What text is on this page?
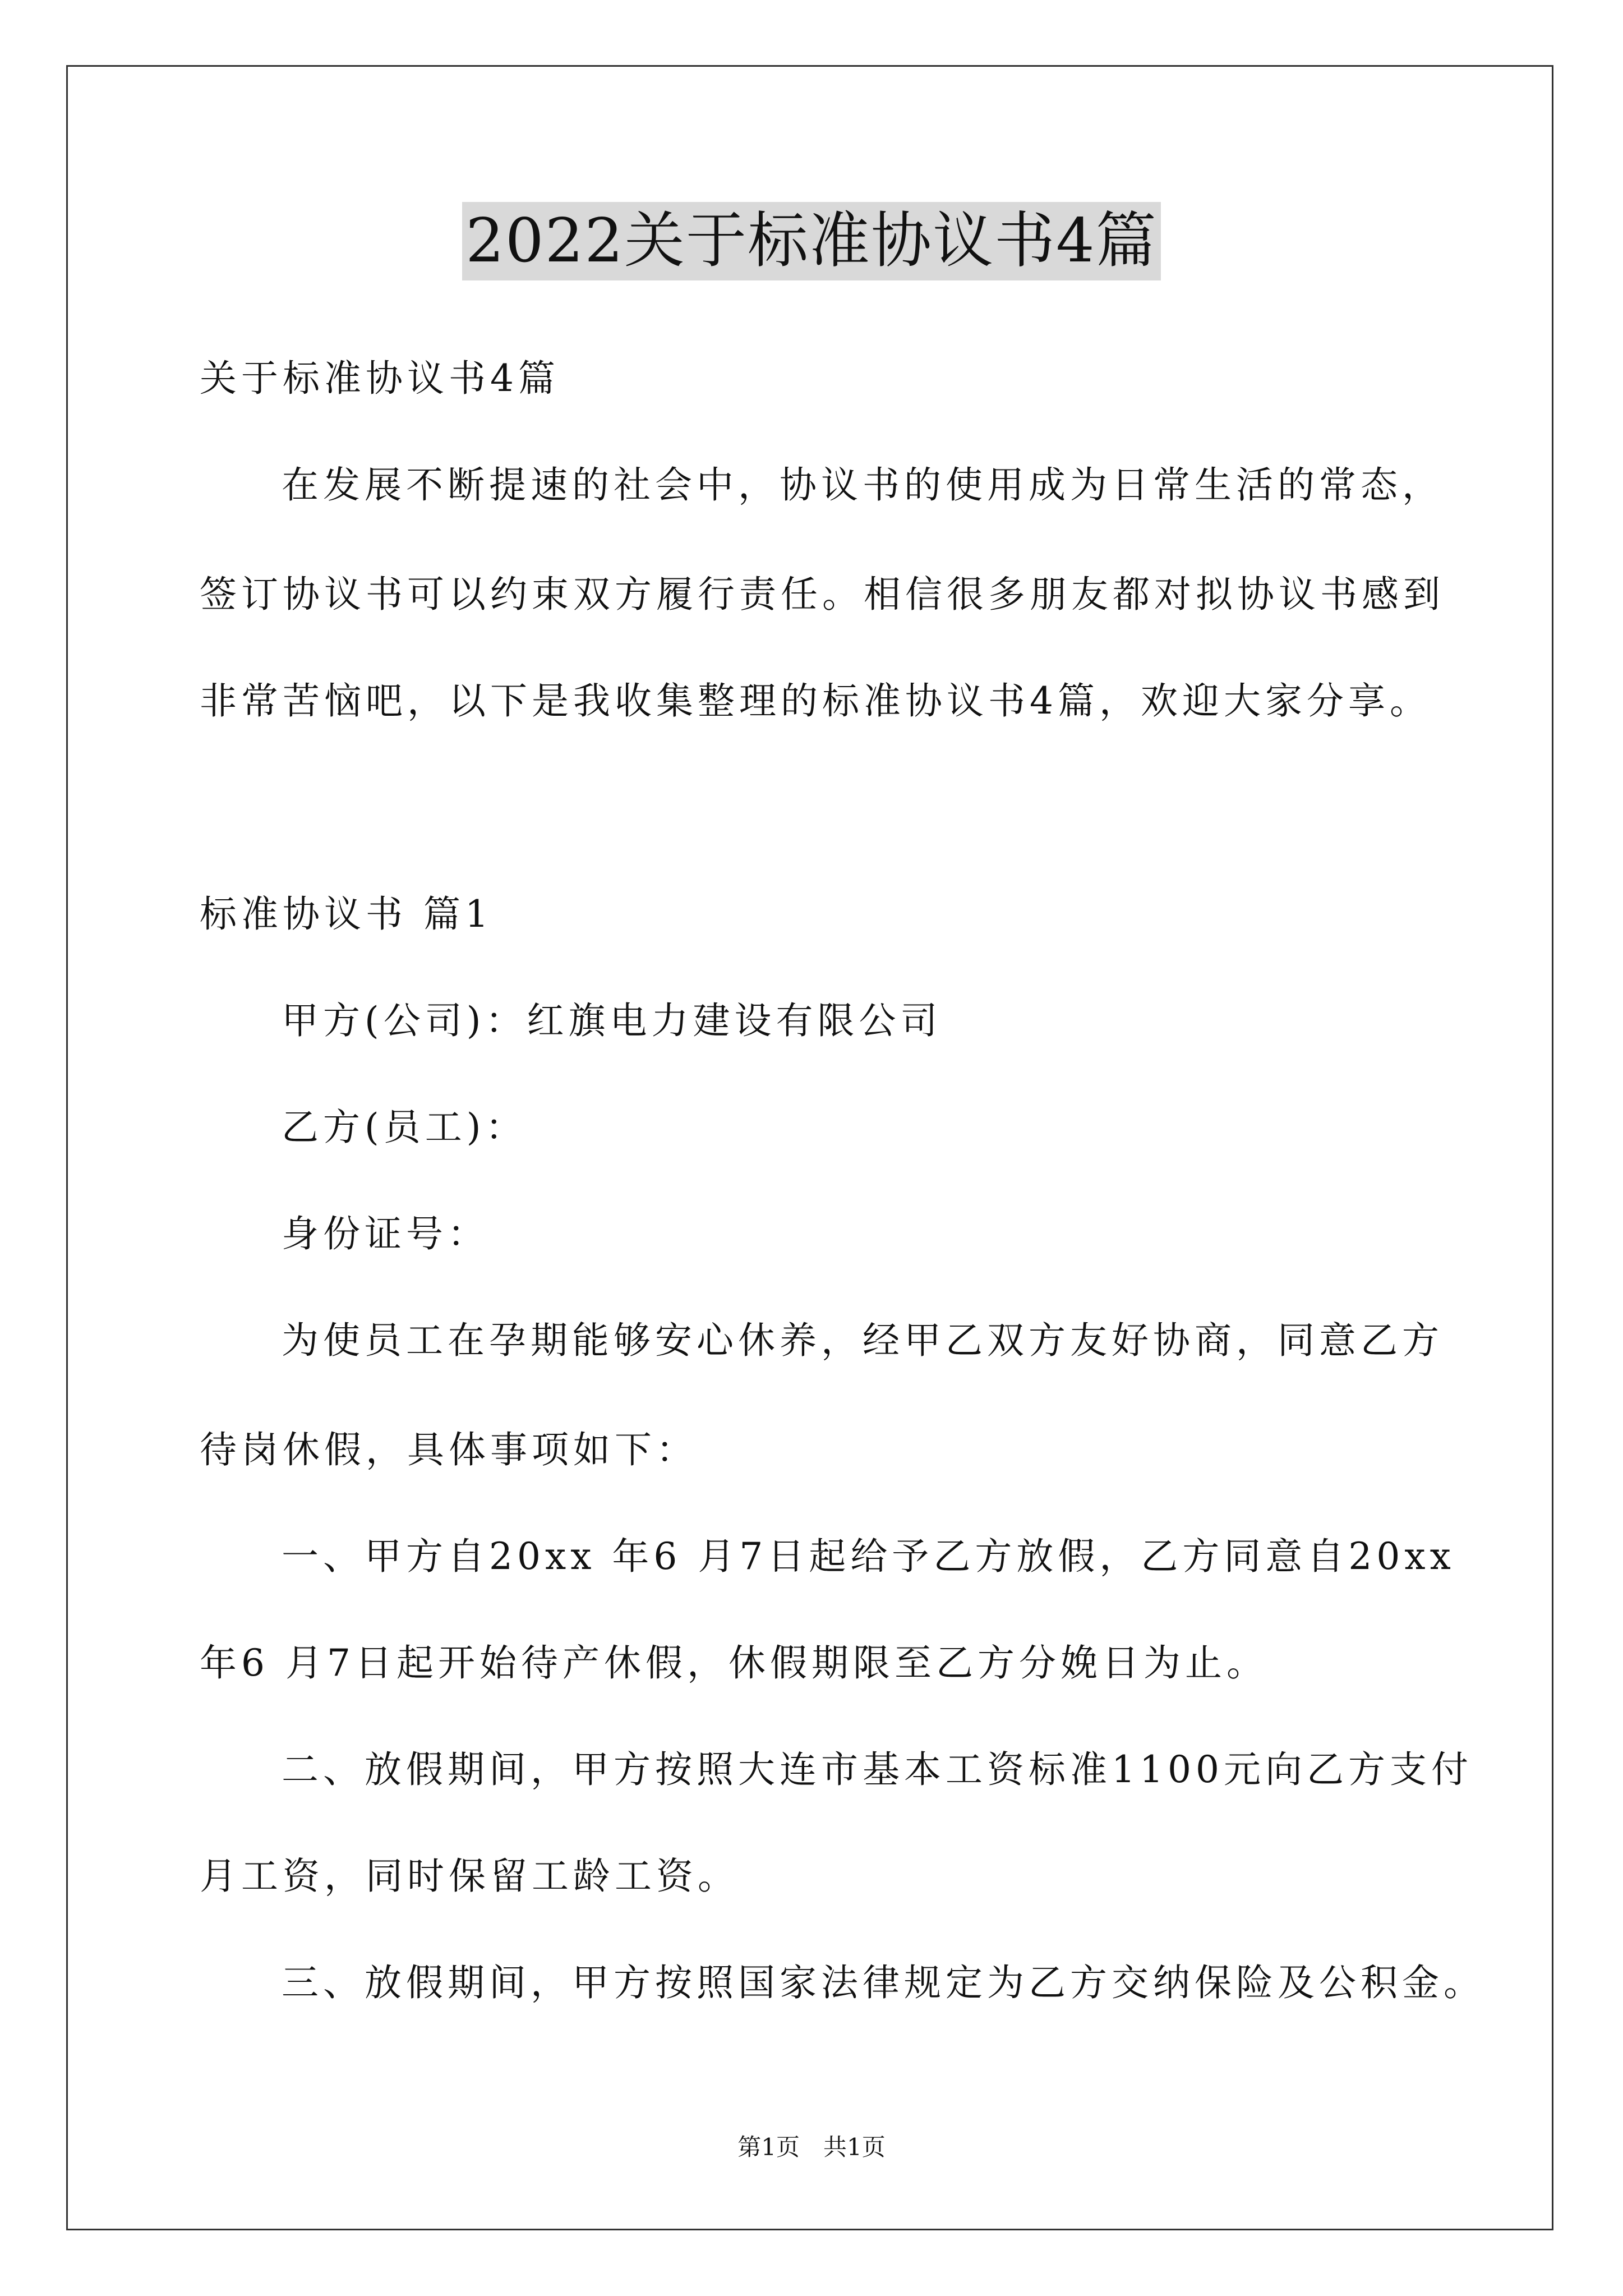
2022关于标准协议书4篇
关于标准协议书4篇
在发展不断提速的社会中，协议书的使用成为日常生活的常态，
签订协议书可以约束双方履行责任。相信很多朋友都对拟协议书感到
非常苦恼吧，以下是我收集整理的标准协议书4篇，欢迎大家分享。
标准协议书 篇1
甲方(公司)：红旗电力建设有限公司
乙方(员工)：
身份证号：
为使员工在孕期能够安心休养，经甲乙双方友好协商，同意乙方
待岗休假，具体事项如下：
一、甲方自20xx 年6 月7日起给予乙方放假，乙方同意自20xx
年6 月7日起开始待产休假，休假期限至乙方分娩日为止。
二、放假期间，甲方按照大连市基本工资标准1100元向乙方支付
月工资，同时保留工龄工资。
三、放假期间，甲方按照国家法律规定为乙方交纳保险及公积金。
第1页　共1页
